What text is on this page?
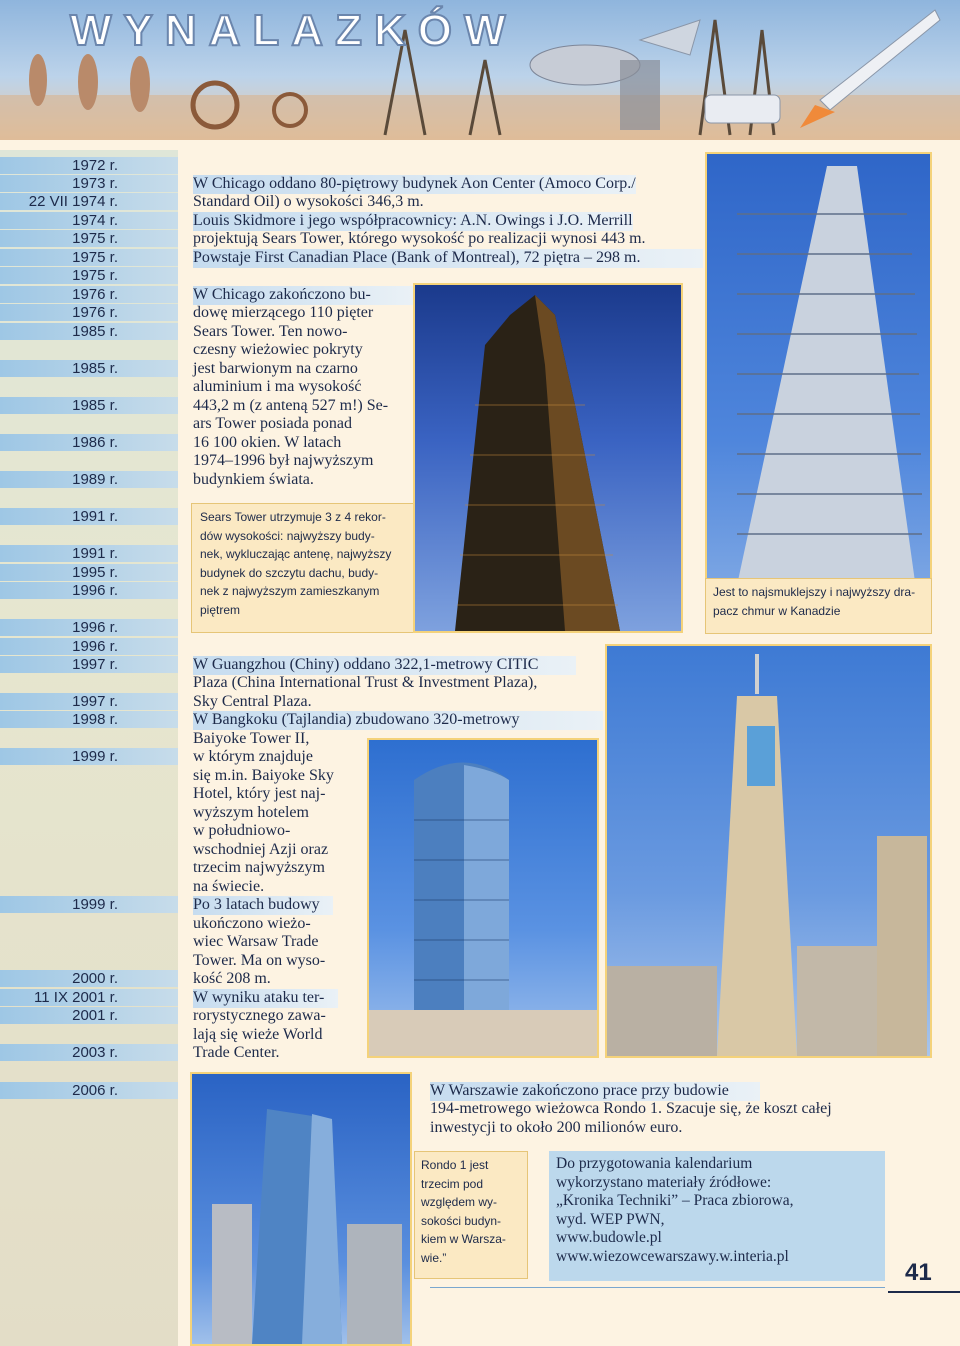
WYNALAZKÓW
1972 r.
1973 r.
22 VII 1974 r.
1974 r.
1975 r.
1975 r.
1975 r.
1976 r.
1976 r.
1985 r.
1985 r.
1985 r.
1986 r.
1989 r.
1991 r.
1991 r.
1995 r.
1996 r.
1996 r.
1996 r.
1997 r.
1997 r.
1998 r.
1999 r.
1999 r.
2000 r.
11 IX 2001 r.
2001 r.
2003 r.
2006 r.
W Chicago oddano 80-piętrowy budynek Aon Center (Amoco Corp./
Standard Oil) o wysokości 346,3 m.
Louis Skidmore i jego współpracownicy: A.N. Owings i J.O. Merrill
projektują Sears Tower, którego wysokość po realizacji wynosi 443 m.
Powstaje First Canadian Place (Bank of Montreal), 72 piętra – 298 m.
W Chicago zakończono bu-
dowę mierzącego 110 pięter
Sears Tower. Ten nowo-
czesny wieżowiec pokryty
jest barwionym na czarno
aluminium i ma wysokość
443,2 m (z anteną 527 m!) Se-
ars Tower posiada ponad
16 100 okien. W latach
1974–1996 był najwyższym
budynkiem świata.
Sears Tower utrzymuje 3 z 4 rekor-
dów wysokości: najwyższy budy-
nek, wykluczając antenę, najwyższy
budynek do szczytu dachu, budy-
nek z najwyższym zamieszkanym
piętrem
Jest to najsmuklejszy i najwyższy dra-
pacz chmur w Kanadzie
W Guangzhou (Chiny) oddano 322,1-metrowy CITIC
Plaza (China International Trust & Investment Plaza),
Sky Central Plaza.
W Bangkoku (Tajlandia) zbudowano 320-metrowy
Baiyoke Tower II,
w którym znajduje
się m.in. Baiyoke Sky
Hotel, który jest naj-
wyższym hotelem
w południowo-
wschodniej Azji oraz
trzecim najwyższym
na świecie.
Po 3 latach budowy
ukończono wieżo-
wiec Warsaw Trade
Tower. Ma on wyso-
kość 208 m.
W wyniku ataku ter-
rorystycznego zawa-
lają się wieże World
Trade Center.
W Warszawie zakończono prace przy budowie
194-metrowego wieżowca Rondo 1. Szacuje się, że koszt całej
inwestycji to około 200 milionów euro.
Rondo 1 jest
trzecim pod
względem wy-
sokości budyn-
kiem w Warsza-
wie.”
Do przygotowania kalendarium
wykorzystano materiały źródłowe:
„Kronika Techniki” – Praca zbiorowa,
wyd. WEP PWN,
www.budowle.pl
www.wiezowcewarszawy.w.interia.pl
41
